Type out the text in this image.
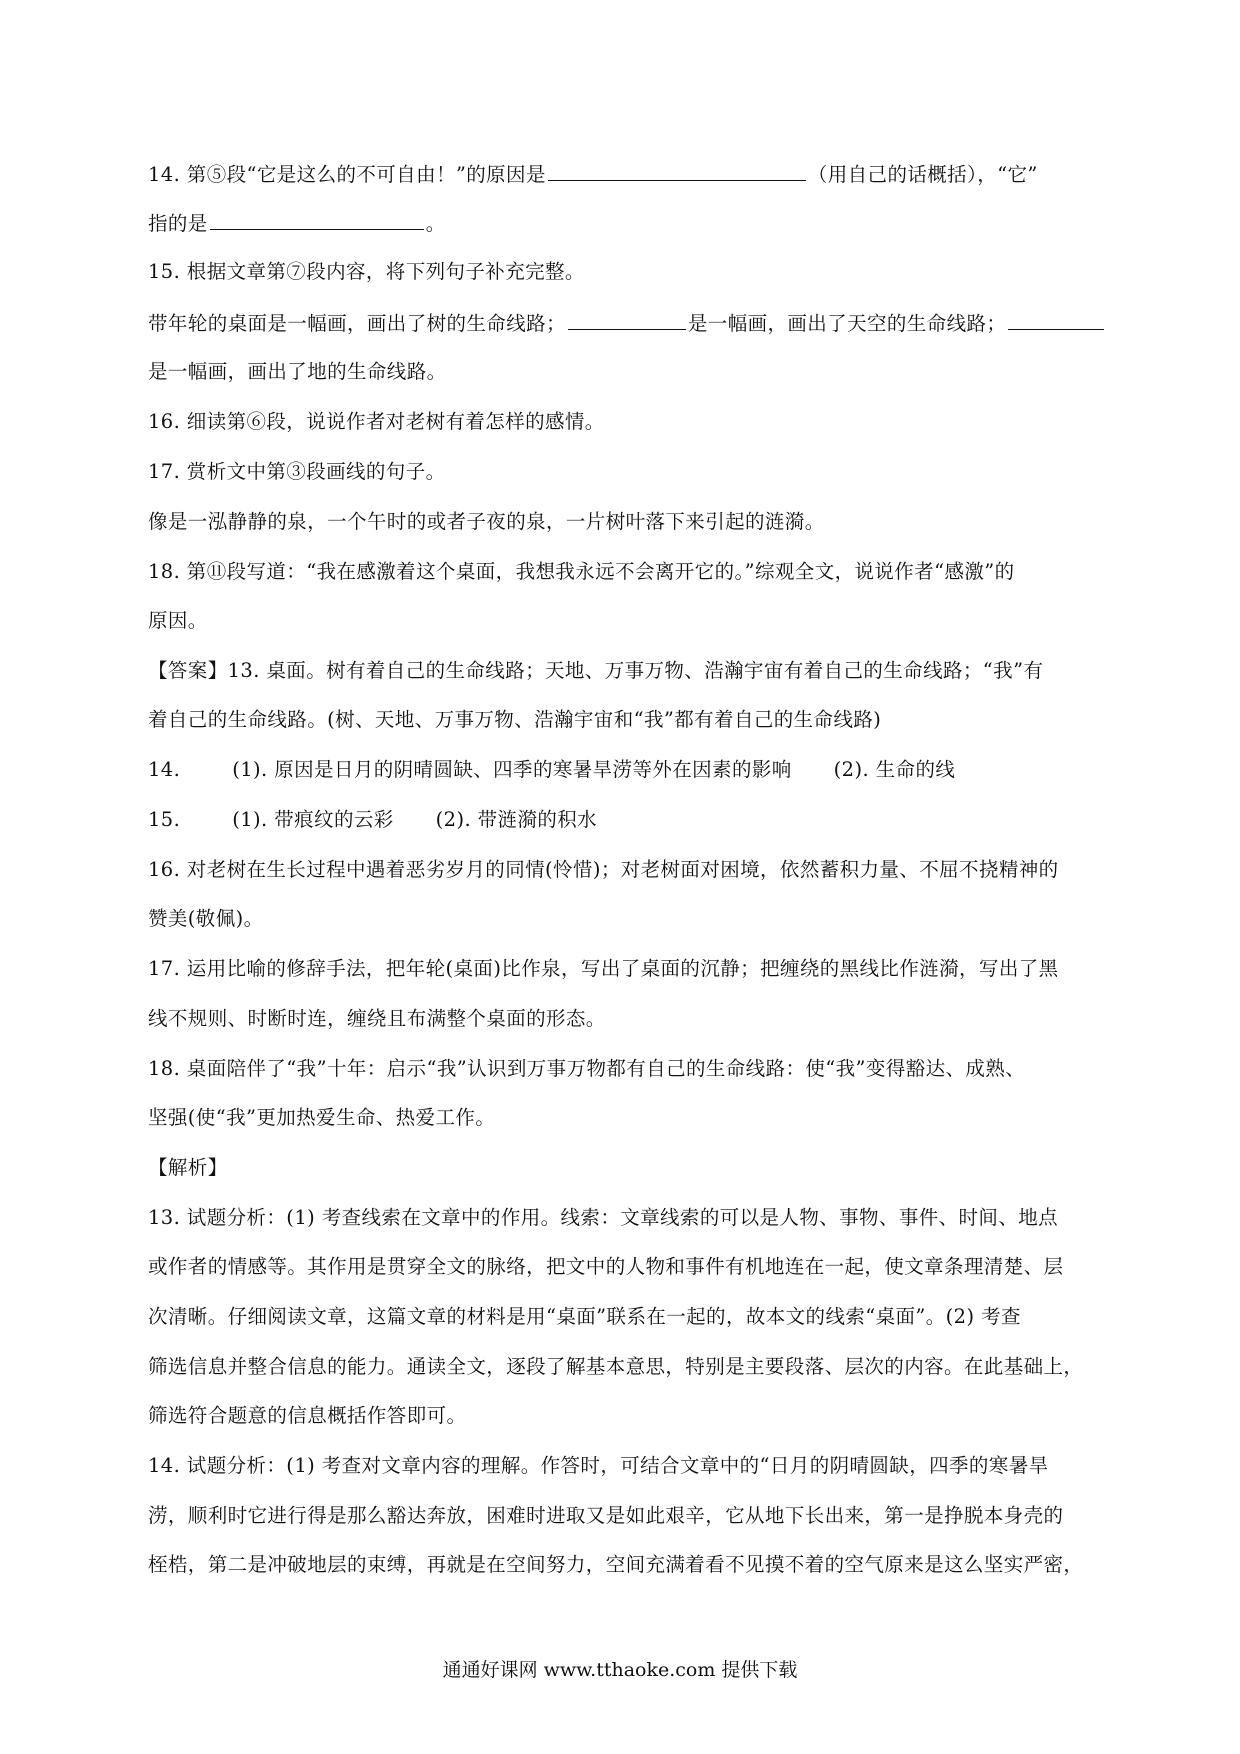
14. 第⑤段“它是这么的不可自由！”的原因是	（用自己的话概括），“它”
指的是	。
15. 根据文章第⑦段内容，将下列句子补充完整。
带年轮的桌面是一幅画，画出了树的生命线路；	是一幅画，画出了天空的生命线路；
是一幅画，画出了地的生命线路。
16. 细读第⑥段，说说作者对老树有着怎样的感情。
17. 赏析文中第③段画线的句子。
像是一泓静静的泉，一个午时的或者子夜的泉，一片树叶落下来引起的涟漪。
18. 第⑪段写道：“我在感激着这个桌面，我想我永远不会离开它的。”综观全文，说说作者“感激”的
原因。
【答案】13. 桌面。树有着自己的生命线路；天地、万事万物、浩瀚宇宙有着自己的生命线路；“我”有
着自己的生命线路。(树、天地、万事万物、浩瀚宇宙和“我”都有着自己的生命线路)
14.	(1). 原因是日月的阴晴圆缺、四季的寒暑旱涝等外在因素的影响 (2). 生命的线
15.	(1). 带痕纹的云彩 (2). 带涟漪的积水
16. 对老树在生长过程中遇着恶劣岁月的同情(怜惜)；对老树面对困境，依然蓄积力量、不屈不挠精神的
赞美(敬佩)。
17. 运用比喻的修辞手法，把年轮(桌面)比作泉，写出了桌面的沉静；把缠绕的黑线比作涟漪，写出了黑
线不规则、时断时连，缠绕且布满整个桌面的形态。
18. 桌面陪伴了“我”十年：启示“我”认识到万事万物都有自己的生命线路：使“我”变得豁达、成熟、
坚强(使“我”更加热爱生命、热爱工作。
【解析】
13. 试题分析：(1) 考查线索在文章中的作用。线索：文章线索的可以是人物、事物、事件、时间、地点
或作者的情感等。其作用是贯穿全文的脉络，把文中的人物和事件有机地连在一起，使文章条理清楚、层
次清晰。仔细阅读文章，这篇文章的材料是用“桌面”联系在一起的，故本文的线索“桌面”。(2) 考查
筛选信息并整合信息的能力。通读全文，逐段了解基本意思，特别是主要段落、层次的内容。在此基础上，
筛选符合题意的信息概括作答即可。
14. 试题分析：(1) 考查对文章内容的理解。作答时，可结合文章中的“日月的阴晴圆缺，四季的寒暑旱
涝，顺利时它进行得是那么豁达奔放，困难时进取又是如此艰辛，它从地下长出来，第一是挣脱本身壳的
桎梏，第二是冲破地层的束缚，再就是在空间努力，空间充满着看不见摸不着的空气原来是这么坚实严密，
通通好课网 www.tthaoke.com 提供下载
